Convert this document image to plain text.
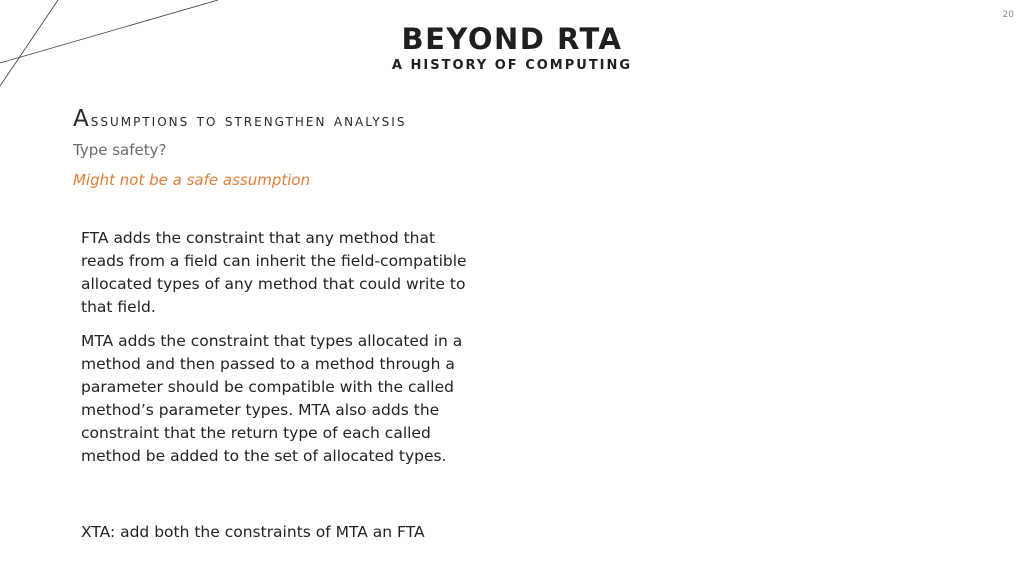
20
BEYOND RTA
A HISTORY OF COMPUTING
Assumptions to strengthen analysis
Type safety?
Might not be a safe assumption
FTA adds the constraint that any method that reads from a field can inherit the field-compatible allocated types of any method that could write to that field.
MTA adds the constraint that types allocated in a method and then passed to a method through a parameter should be compatible with the called method’s parameter types. MTA also adds the constraint that the return type of each called method be added to the set of allocated types.
XTA: add both the constraints of MTA an FTA
